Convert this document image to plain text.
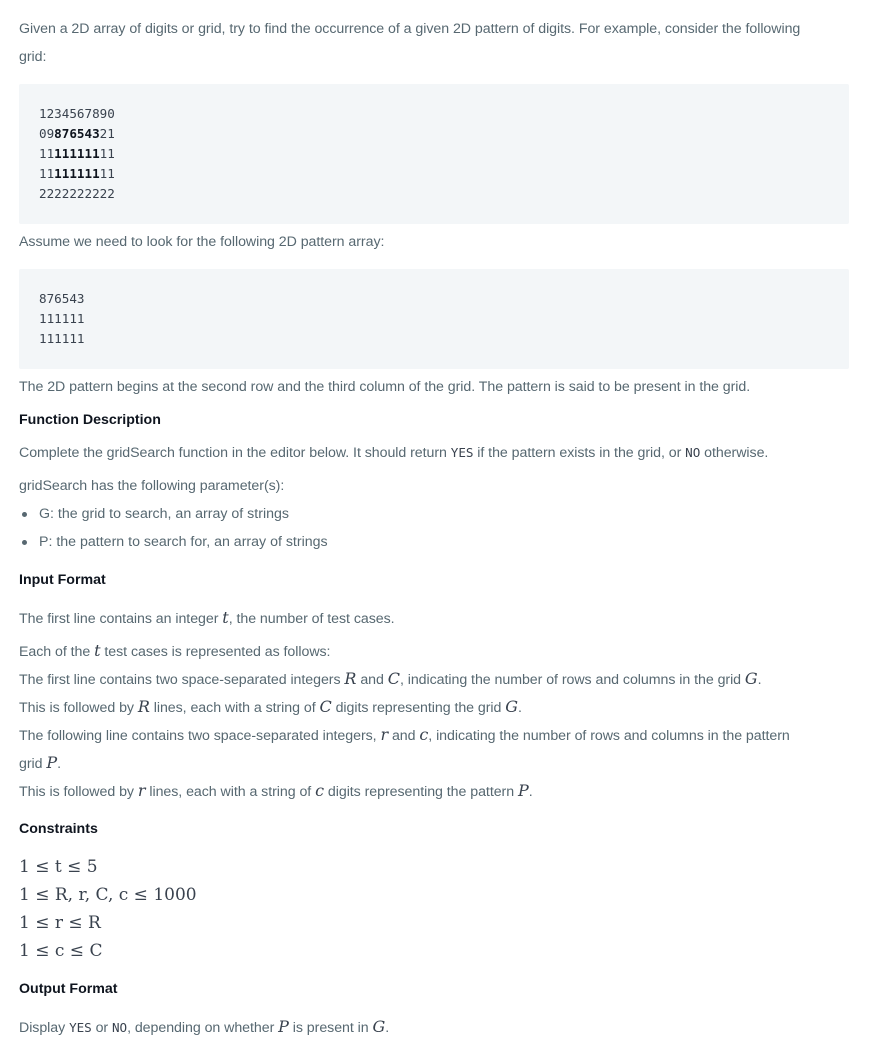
Given a 2D array of digits or grid, try to find the occurrence of a given 2D pattern of digits. For example, consider the following
grid:
1234567890
0987654321
1111111111
1111111111
2222222222
Assume we need to look for the following 2D pattern array:
876543
111111
111111
The 2D pattern begins at the second row and the third column of the grid. The pattern is said to be present in the grid.
Function Description
Complete the gridSearch function in the editor below. It should return YES if the pattern exists in the grid, or NO otherwise.
gridSearch has the following parameter(s):
G: the grid to search, an array of strings
P: the pattern to search for, an array of strings
Input Format
The first line contains an integer t, the number of test cases.
Each of the t test cases is represented as follows:
The first line contains two space-separated integers R and C, indicating the number of rows and columns in the grid G.
This is followed by R lines, each with a string of C digits representing the grid G.
The following line contains two space-separated integers, r and c, indicating the number of rows and columns in the pattern
grid P.
This is followed by r lines, each with a string of c digits representing the pattern P.
Constraints
1 ≤ t ≤ 5
1 ≤ R, r, C, c ≤ 1000
1 ≤ r ≤ R
1 ≤ c ≤ C
Output Format
Display YES or NO, depending on whether P is present in G.
